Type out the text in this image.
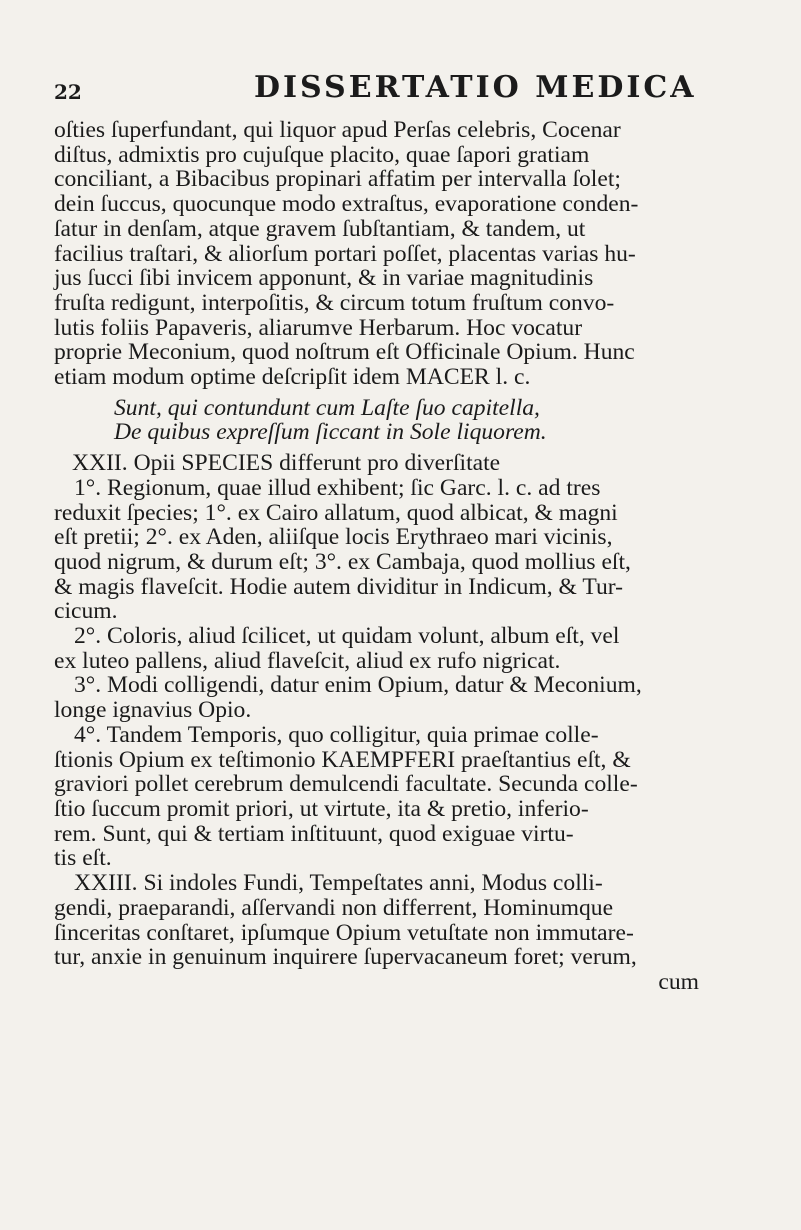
22	DISSERTATIO MEDICA
oſties ſuperfundant, qui liquor apud Perſas celebris, Cocenar
diſtus, admixtis pro cujuſque placito, quae ſapori gratiam
conciliant, a Bibacibus propinari affatim per intervalla ſolet;
dein ſuccus, quocunque modo extraſtus, evaporatione conden-
ſatur in denſam, atque gravem ſubſtantiam, & tandem, ut
facilius traſtari, & aliorſum portari poſſet, placentas varias hu-
jus ſucci ſibi invicem apponunt, & in variae magnitudinis
fruſta redigunt, interpoſitis, & circum totum fruſtum convo-
lutis foliis Papaveris, aliarumve Herbarum. Hoc vocatur
proprie Meconium, quod noſtrum eſt Officinale Opium. Hunc
etiam modum optime deſcripſit idem MACER l. c.
Sunt, qui contundunt cum Laſte ſuo capitella,
De quibus expreſſum ſiccant in Sole liquorem.
XXII. Opii SPECIES differunt pro diverſitate
1°. Regionum, quae illud exhibent; ſic Garc. l. c. ad tres
reduxit ſpecies; 1°. ex Cairo allatum, quod albicat, & magni
eſt pretii; 2°. ex Aden, aliiſque locis Erythraeo mari vicinis,
quod nigrum, & durum eſt; 3°. ex Cambaja, quod mollius eſt,
& magis flaveſcit. Hodie autem dividitur in Indicum, & Tur-
cicum.
2°. Coloris, aliud ſcilicet, ut quidam volunt, album eſt, vel
ex luteo pallens, aliud flaveſcit, aliud ex rufo nigricat.
3°. Modi colligendi, datur enim Opium, datur & Meconium,
longe ignavius Opio.
4°. Tandem Temporis, quo colligitur, quia primae colle-
ſtionis Opium ex teſtimonio KAEMPFERI praeſtantius eſt, &
graviori pollet cerebrum demulcendi facultate. Secunda colle-
ſtio ſuccum promit priori, ut virtute, ita & pretio, inferio-
rem. Sunt, qui & tertiam inſtituunt, quod exiguae virtu-
tis eſt.
XXIII. Si indoles Fundi, Tempeſtates anni, Modus colli-
gendi, praeparandi, aſſervandi non differrent, Hominumque
ſinceritas conſtaret, ipſumque Opium vetuſtate non immutare-
tur, anxie in genuinum inquirere ſupervacaneum foret; verum,
cum
